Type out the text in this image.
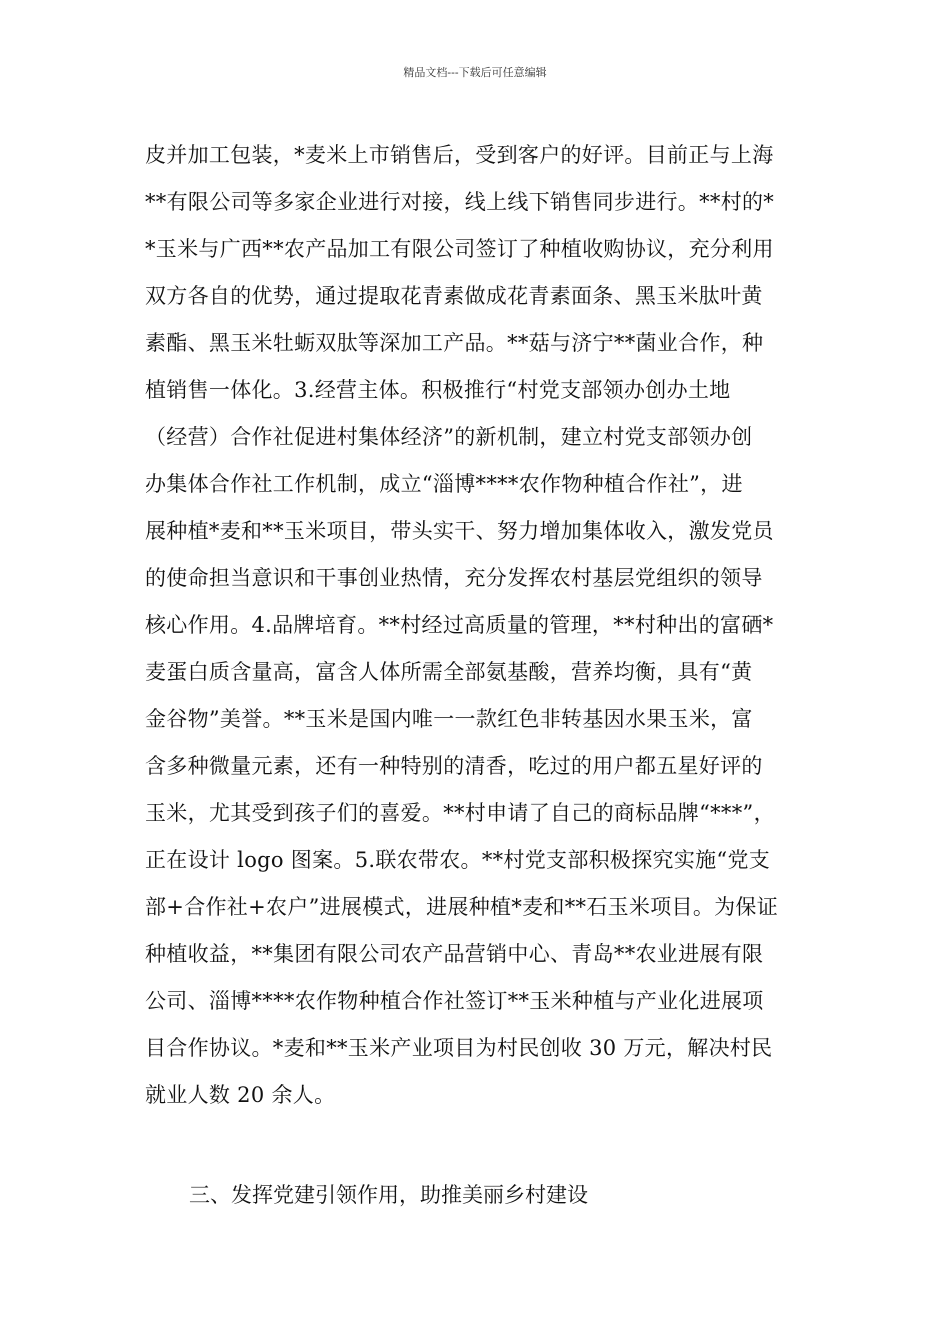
精品文档---下载后可任意编辑
皮并加工包装，*麦米上市销售后，受到客户的好评。目前正与上海
**有限公司等多家企业进行对接，线上线下销售同步进行。**村的*
*玉米与广西**农产品加工有限公司签订了种植收购协议，充分利用
双方各自的优势，通过提取花青素做成花青素面条、黑玉米肽叶黄
素酯、黑玉米牡蛎双肽等深加工产品。**菇与济宁**菌业合作，种
植销售一体化。3.经营主体。积极推行“村党支部领办创办土地
（经营）合作社促进村集体经济”的新机制，建立村党支部领办创
办集体合作社工作机制，成立“淄博****农作物种植合作社”，进
展种植*麦和**玉米项目，带头实干、努力增加集体收入，激发党员
的使命担当意识和干事创业热情，充分发挥农村基层党组织的领导
核心作用。4.品牌培育。**村经过高质量的管理，**村种出的富硒*
麦蛋白质含量高，富含人体所需全部氨基酸，营养均衡，具有“黄
金谷物”美誉。**玉米是国内唯一一款红色非转基因水果玉米，富
含多种微量元素，还有一种特别的清香，吃过的用户都五星好评的
玉米，尤其受到孩子们的喜爱。**村申请了自己的商标品牌“***”，
正在设计 logo 图案。5.联农带农。**村党支部积极探究实施“党支
部+合作社+农户”进展模式，进展种植*麦和**石玉米项目。为保证
种植收益，**集团有限公司农产品营销中心、青岛**农业进展有限
公司、淄博****农作物种植合作社签订**玉米种植与产业化进展项
目合作协议。*麦和**玉米产业项目为村民创收 30 万元，解决村民
就业人数 20 余人。
三、发挥党建引领作用，助推美丽乡村建设
